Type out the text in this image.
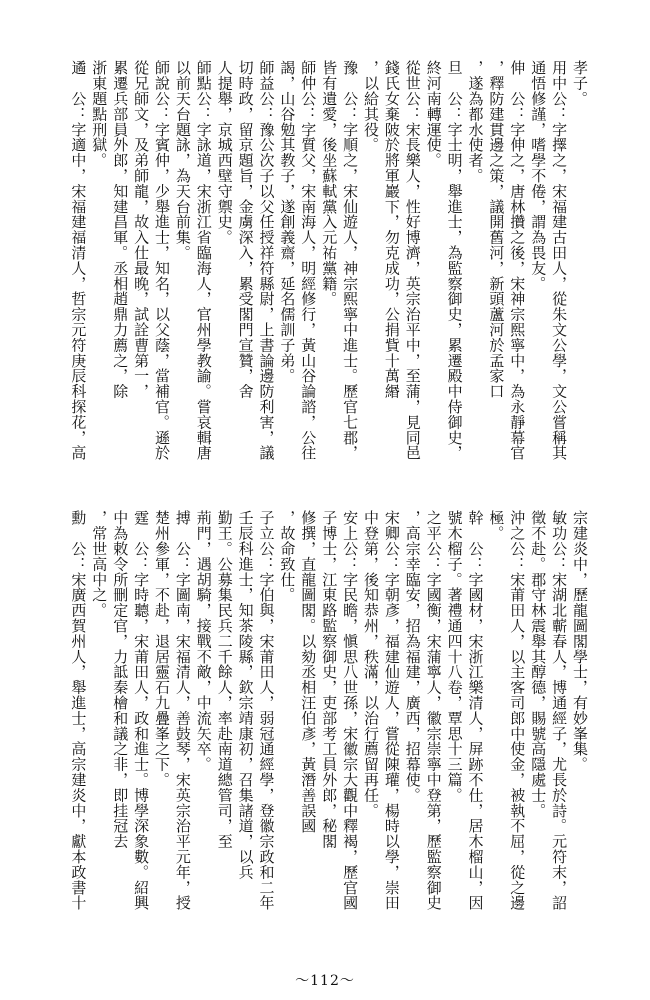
孝子。
用中公：字擇之，宋福建古田人，從朱文公學，文公嘗稱其
通悟修謹，嗜學不倦，謂為畏友。
伸　公：字伸之，唐林攢之後，宋神宗熙寧中，為永靜幕官
，釋防建貫邊之策，議開舊河，新頭蘆河於孟家口
，遂為都水使者。
旦　公：字士明，舉進士，為監察御史，累遷殿中侍御史，
終河南轉運使。
從世公：宋長樂人，性好博濟，英宗治平中，至蒲，見同邑
錢氏女棄陂於將軍巖下，勿克成功，公捐貲十萬緡
，以給其役。
豫　公：字順之，宋仙遊人，神宗熙寧中進士。歷官七郡，
皆有遺愛，後坐蘇軾黨入元祐黨籍。
師仲公：字質父，宋南海人，明經修行，黃山谷論諮，公往
謁，山谷勉其教子，遂創義齋，延名儒訓子弟。
師益公：豫公次子以父任授祥符縣尉，上書論邊防利害，議
切時政，留京題旨，金虜深入，累受閣門宣贊，舍
人提舉，京城西壁守禦史。
師點公：字詠道，宋浙江省臨海人，官州學教諭。嘗哀輯唐
以前天台題詠，為天台前集。
師說公：字賓仲，少舉進士，知名，以父蔭，當補官。遜於
從兄師文，及弟師龍，故入仕最晚，試詮曹第一，
累遷兵部員外郎，知建昌軍。丞相趙鼎力薦之，除
浙東題點刑獄。
遹　公：字適中，宋福建福清人，哲宗元符庚辰科探花，高
宗建炎中，歷龍圖閣學士，有妙峯集。
敏功公：宋湖北蘄春人，博通經子，尤長於詩。元符末，詔
徵不赴。郡守林震舉其醇德，賜號高隱處士。
沖之公：宋莆田人，以主客司郎中使金，被執不屈，從之邊
極。
幹　公：字國材，宋浙江樂清人，屏跡不仕，居木榴山，因
號木榴子。著禮通四十八卷，覃思十三篇。
之平公：字國衡，宋蒲寧人，徽宗崇寧中登第，歷監察御史
，高宗幸臨安，招為福建，廣西，招幕使。
宋卿公：字朝彥，福建仙遊人，嘗從陳瓘，楊時以學，崇田
中登第，後知恭州，秩滿，以治行薦留再任。
安上公：字民瞻，愼思八世孫，宋徽宗大觀中釋褐，歷官國
子博士，江東路監察御史，吏部考工員外郎，秘閣
修撰，直龍圖閣。以劾丞相汪伯彥，黃潛善誤國
，故命致仕。
子立公：字伯與，宋莆田人，弱冠通經學，登徽宗政和二年
壬辰科進士，知茶陵縣，欽宗靖康初，召集諸道，以兵
勤王。公募集民兵二千餘人，率赴南道總管司，至
荊門，遇胡騎，接戰不敵，中流矢卒。
搏　公：字圖南，宋福清人，善鼓琴，宋英宗治平元年，授
楚州參軍，不赴，退居靈石九疊峯之下。
霆　公：字時聽，宋莆田人，政和進士。博學深象數。紹興
中為敕令所刪定官，力詆秦檜和議之非，即挂冠去
，常世高中之。
勳　公：宋廣西賀州人，舉進士，高宗建炎中，獻本政書十
～112～
